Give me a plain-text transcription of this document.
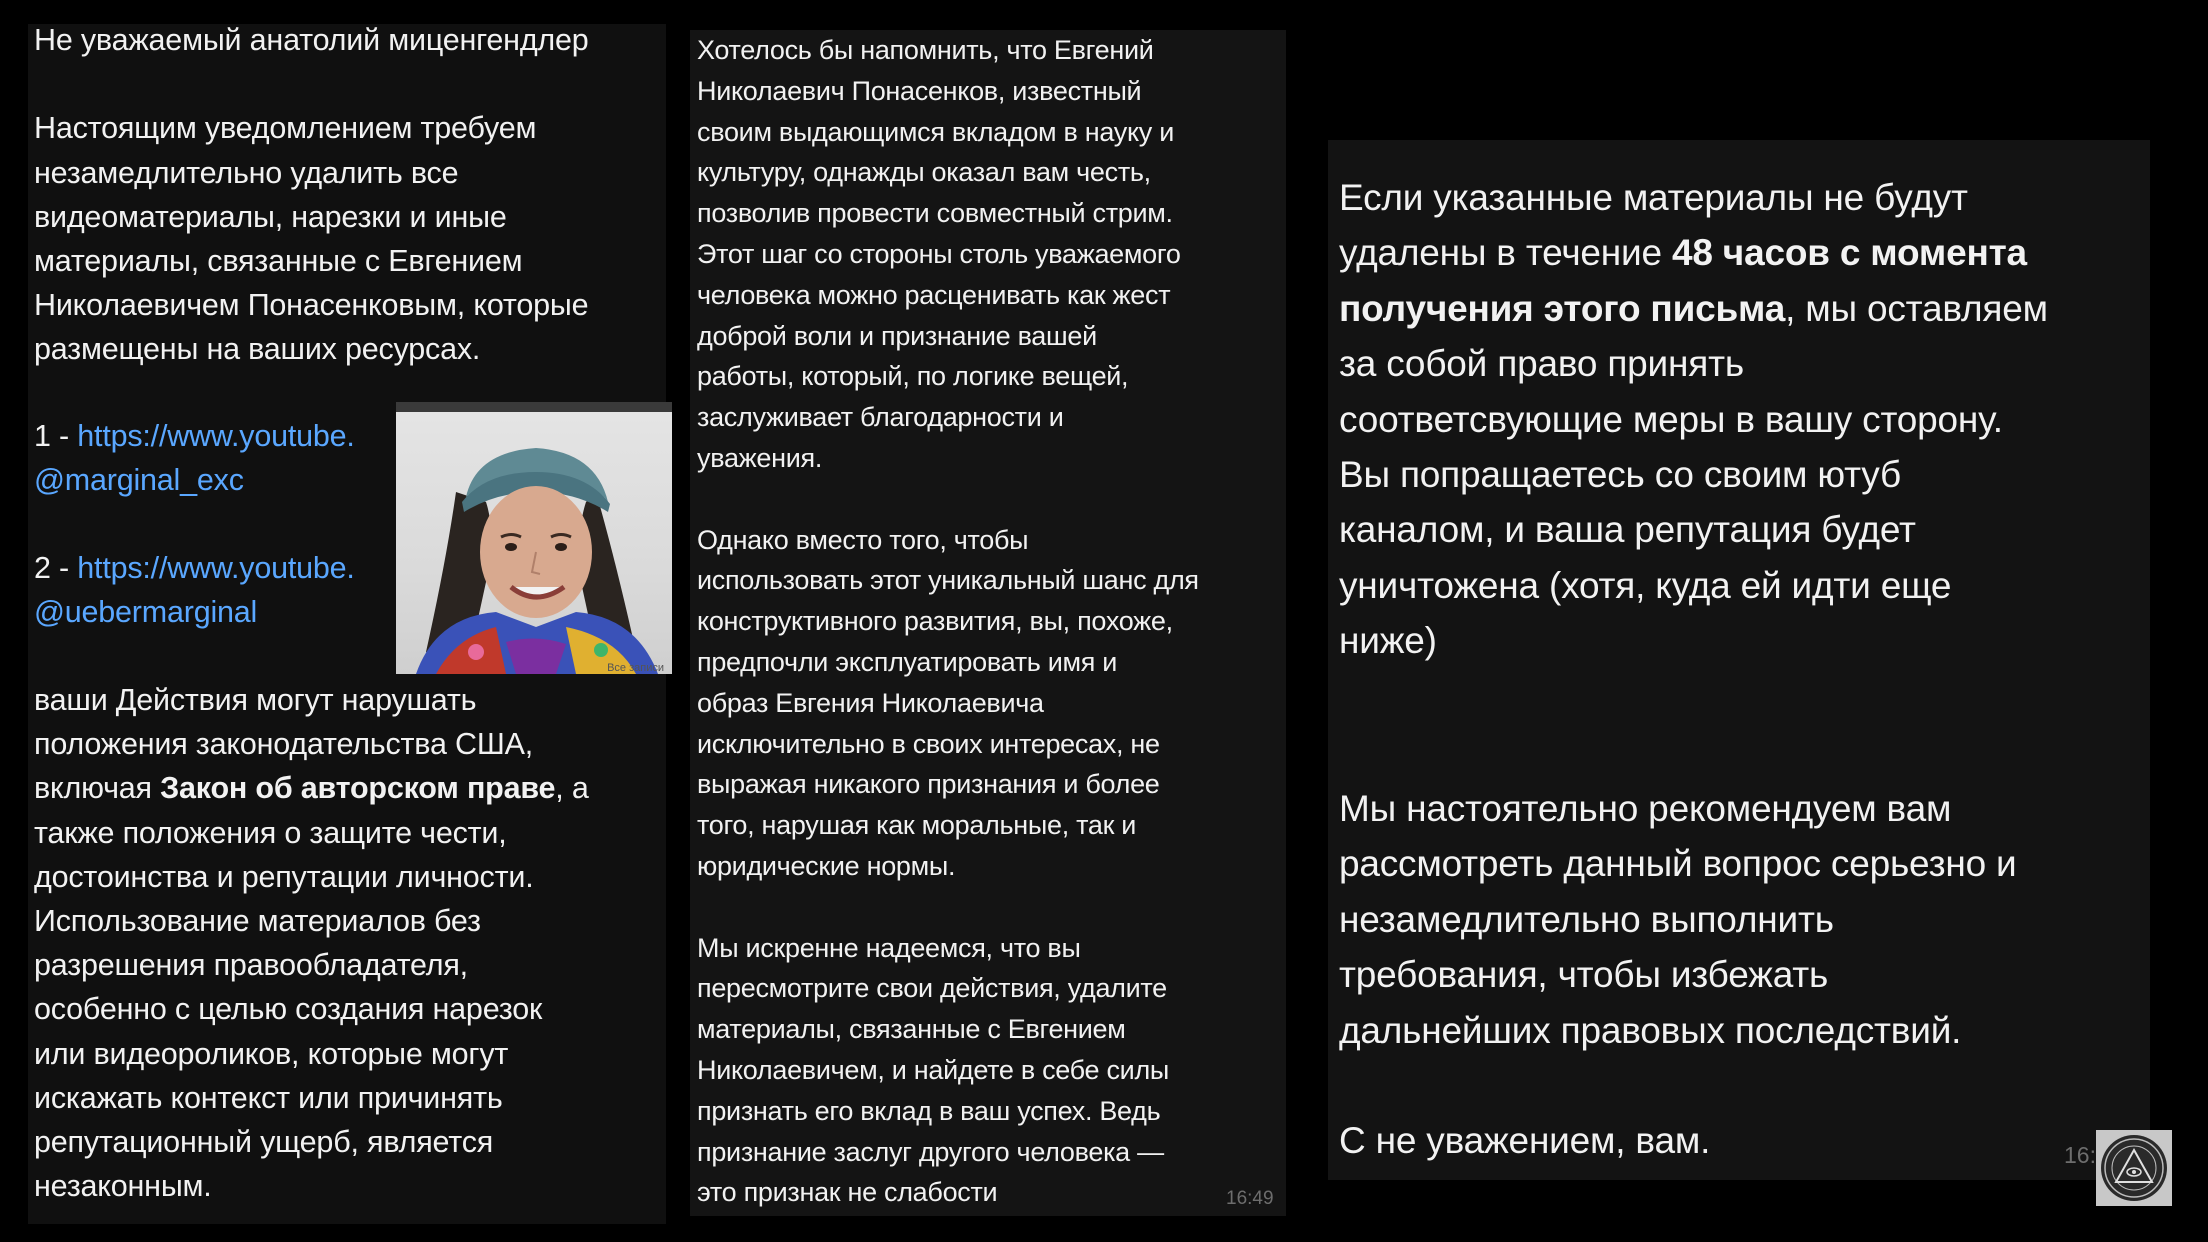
Не уважаемый анатолий миценгендлер

Настоящим уведомлением требуем
незамедлительно удалить все
видеоматериалы, нарезки и иные
материалы, связанные с Евгением
Николаевичем Понасенковым, которые
размещены на ваших ресурсах.
1 - https://www.youtube.
@marginal_exc
2 - https://www.youtube.
@uebermarginal
Все записи
ваши Действия могут нарушать
положения законодательства США,
включая Закон об авторском праве, а
также положения о защите чести,
достоинства и репутации личности.
Использование материалов без
разрешения правообладателя,
особенно с целью создания нарезок
или видеороликов, которые могут
искажать контекст или причинять
репутационный ущерб, является
незаконным.
Хотелось бы напомнить, что Евгений
Николаевич Понасенков, известный
своим выдающимся вкладом в науку и
культуру, однажды оказал вам честь,
позволив провести совместный стрим.
Этот шаг со стороны столь уважаемого
человека можно расценивать как жест
доброй воли и признание вашей
работы, который, по логике вещей,
заслуживает благодарности и
уважения.

Однако вместо того, чтобы
использовать этот уникальный шанс для
конструктивного развития, вы, похоже,
предпочли эксплуатировать имя и
образ Евгения Николаевича
исключительно в своих интересах, не
выражая никакого признания и более
того, нарушая как моральные, так и
юридические нормы.

Мы искренне надеемся, что вы
пересмотрите свои действия, удалите
материалы, связанные с Евгением
Николаевичем, и найдете в себе силы
признать его вклад в ваш успех. Ведь
признание заслуг другого человека —
это признак не слабости	16:49
Если указанные материалы не будут
удалены в течение 48 часов с момента
получения этого письма, мы оставляем
за собой право принять
соответсвующие меры в вашу сторону.
Вы попращаетесь со своим ютуб
каналом, и ваша репутация будет
уничтожена (хотя, куда ей идти еще
ниже)
Мы настоятельно рекомендуем вам
рассмотреть данный вопрос серьезно и
незамедлительно выполнить
требования, чтобы избежать
дальнейших правовых последствий.
С не уважением, вам.	16:
